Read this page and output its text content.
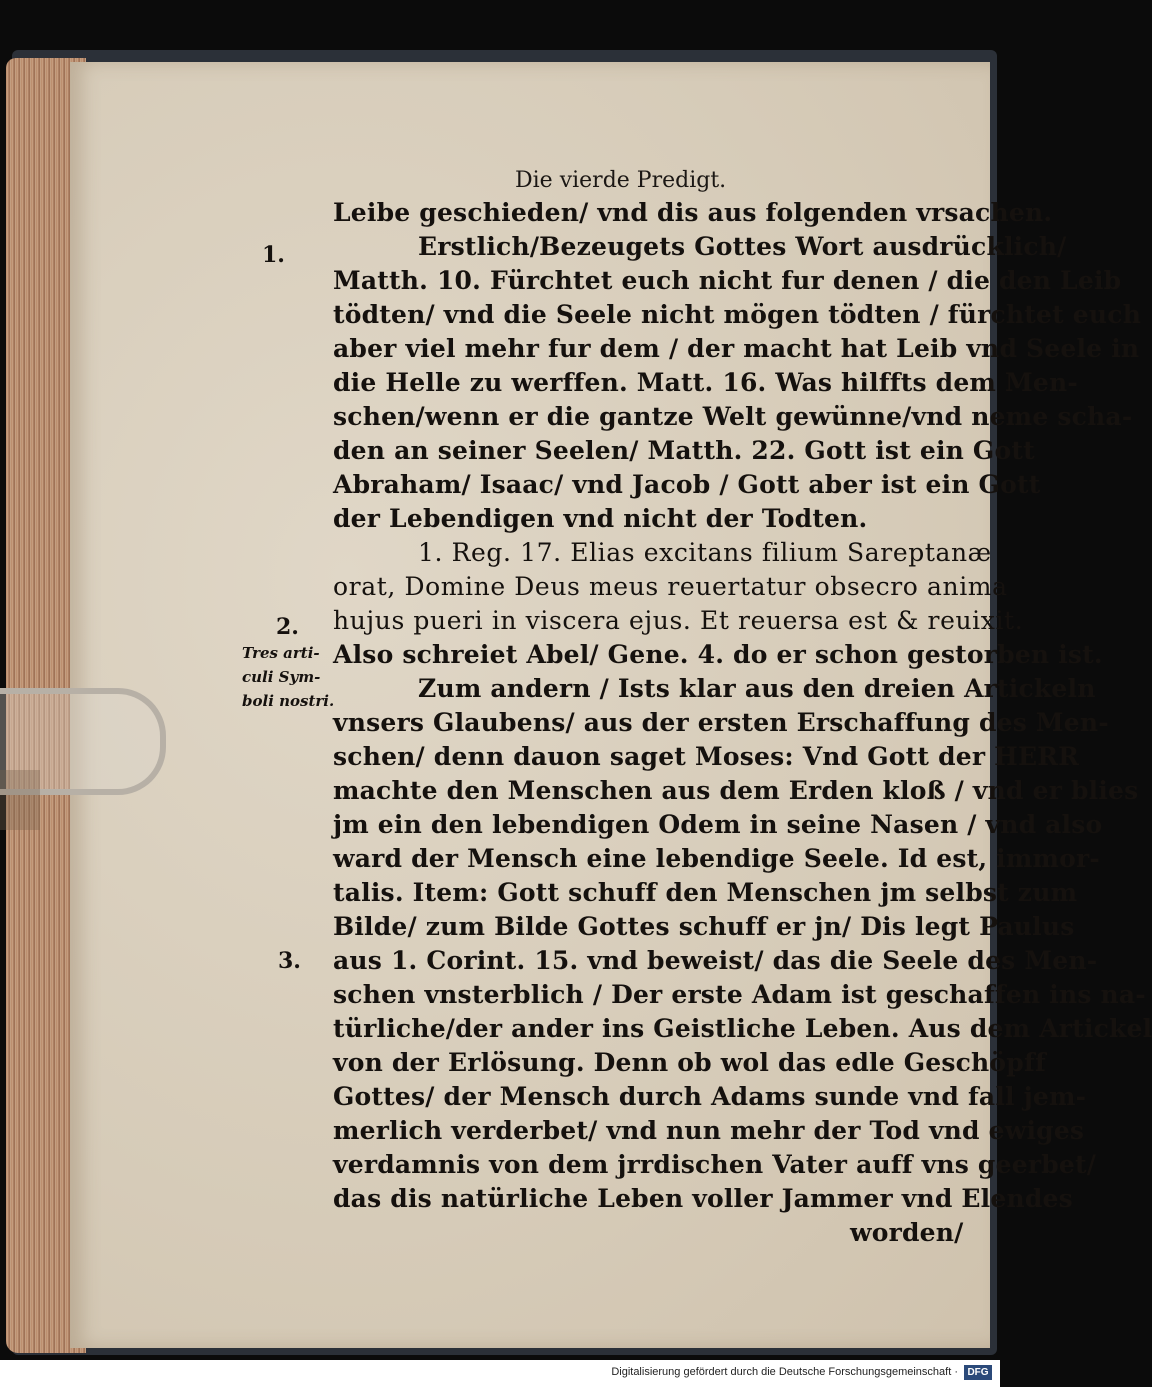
Die vierde Predigt.
1.
2.
Tres arti-
culi Sym-
boli nostri.
3.
Leibe geschieden/ vnd dis aus folgenden vrsachen.
Erstlich/Bezeugets Gottes Wort ausdrücklich/
Matth. 10. Fürchtet euch nicht fur denen / die den Leib
tödten/ vnd die Seele nicht mögen tödten / fürchtet euch
aber viel mehr fur dem / der macht hat Leib vnd Seele in
die Helle zu werffen. Matt. 16. Was hilffts dem Men-
schen/wenn er die gantze Welt gewünne/vnd neme scha-
den an seiner Seelen/ Matth. 22. Gott ist ein Gott
Abraham/ Isaac/ vnd Jacob / Gott aber ist ein Gott
der Lebendigen vnd nicht der Todten.
1. Reg. 17. Elias excitans filium Sareptanæ
orat, Domine Deus meus reuertatur obsecro anima
hujus pueri in viscera ejus. Et reuersa est & reuixit.
Also schreiet Abel/ Gene. 4. do er schon gestorben ist.
Zum andern / Ists klar aus den dreien Artickeln
vnsers Glaubens/ aus der ersten Erschaffung des Men-
schen/ denn dauon saget Moses: Vnd Gott der HERR
machte den Menschen aus dem Erden kloß / vnd er blies
jm ein den lebendigen Odem in seine Nasen / vnd also
ward der Mensch eine lebendige Seele. Id est, immor-
talis. Item: Gott schuff den Menschen jm selbst zum
Bilde/ zum Bilde Gottes schuff er jn/ Dis legt Paulus
aus 1. Corint. 15. vnd beweist/ das die Seele des Men-
schen vnsterblich / Der erste Adam ist geschaffen ins na-
türliche/der ander ins Geistliche Leben. Aus dem Artickel
von der Erlösung. Denn ob wol das edle Geschöpff
Gottes/ der Mensch durch Adams sunde vnd fall jem-
merlich verderbet/ vnd nun mehr der Tod vnd ewiges
verdamnis von dem jrrdischen Vater auff vns geerbet/
das dis natürliche Leben voller Jammer vnd Elendes
worden/
Digitalisierung gefördert durch die Deutsche Forschungsgemeinschaft · DFG
